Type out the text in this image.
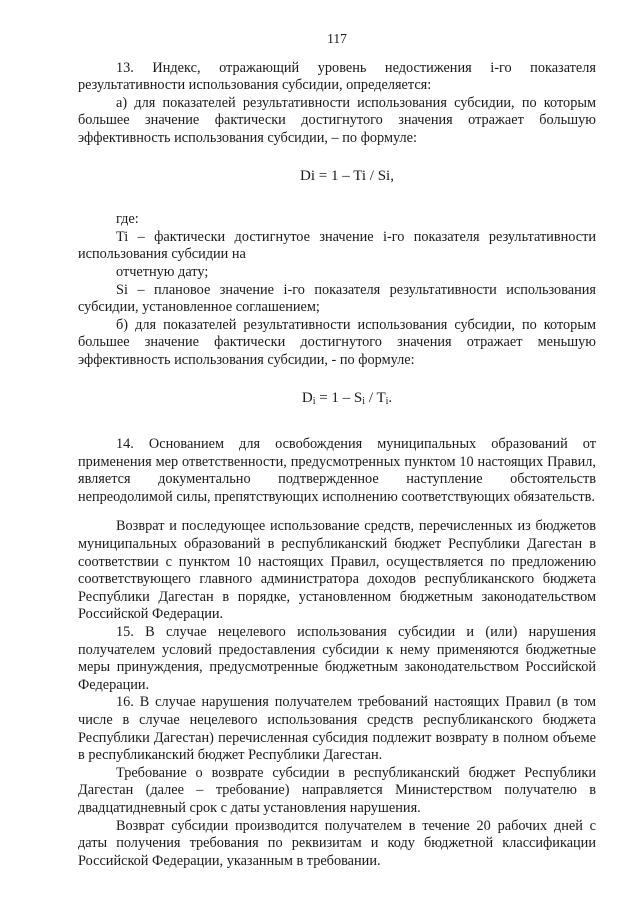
117

13. Индекс, отражающий уровень недостижения i-го показателя результативности использования субсидии, определяется:

а) для показателей результативности использования субсидии, по которым большее значение фактически достигнутого значения отражает большую эффективность использования субсидии, – по формуле:

Di = 1 – Ti / Si,

где:

Ti – фактически достигнутое значение i-го показателя результативности использования субсидии на

отчетную дату;

Si – плановое значение i-го показателя результативности использования субсидии, установленное соглашением;

б) для показателей результативности использования субсидии, по которым большее значение фактически достигнутого значения отражает меньшую эффективность использования субсидии, - по формуле:

$D_i = 1 - S_i / T_i$.

14. Основанием для освобождения муниципальных образований от применения мер ответственности, предусмотренных пунктом 10 настоящих Правил, является документально подтвержденное наступление обстоятельств непреодолимой силы, препятствующих исполнению соответствующих обязательств.

Возврат и последующее использование средств, перечисленных из бюджетов муниципальных образований в республиканский бюджет Республики Дагестан в соответствии с пунктом 10 настоящих Правил, осуществляется по предложению соответствующего главного администратора доходов республиканского бюджета Республики Дагестан в порядке, установленном бюджетным законодательством Российской Федерации.

15. В случае нецелевого использования субсидии и (или) нарушения получателем условий предоставления субсидии к нему применяются бюджетные меры принуждения, предусмотренные бюджетным законодательством Российской Федерации.

16. В случае нарушения получателем требований настоящих Правил (в том числе в случае нецелевого использования средств республиканского бюджета Республики Дагестан) перечисленная субсидия подлежит возврату в полном объеме в республиканский бюджет Республики Дагестан.

Требование о возврате субсидии в республиканский бюджет Республики Дагестан (далее – требование) направляется Министерством получателю в двадцатидневный срок с даты установления нарушения.

Возврат субсидии производится получателем в течение 20 рабочих дней с даты получения требования по реквизитам и коду бюджетной классификации Российской Федерации, указанным в требовании.
